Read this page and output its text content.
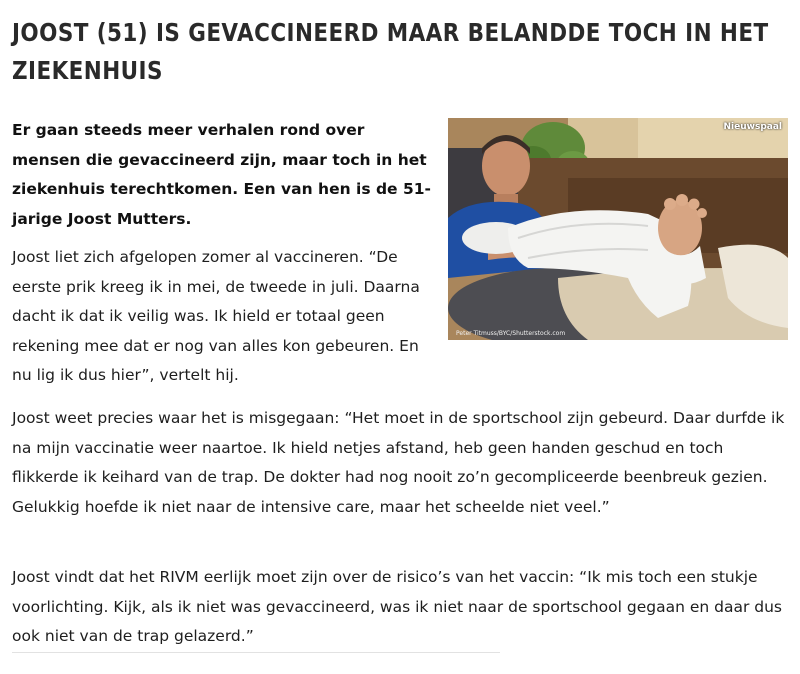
JOOST (51) IS GEVACCINEERD MAAR BELANDDE TOCH IN HET ZIEKENHUIS
Nieuwspaal
Peter Titmuss/BYC/Shutterstock.com

Er gaan steeds meer verhalen rond over mensen die gevaccineerd zijn, maar toch in het ziekenhuis terechtkomen. Een van hen is de 51-jarige Joost Mutters.

Joost liet zich afgelopen zomer al vaccineren. “De eerste prik kreeg ik in mei, de tweede in juli. Daarna dacht ik dat ik veilig was. Ik hield er totaal geen rekening mee dat er nog van alles kon gebeuren. En nu lig ik dus hier”, vertelt hij.

Joost weet precies waar het is misgegaan: “Het moet in de sportschool zijn gebeurd. Daar durfde ik na mijn vaccinatie weer naartoe. Ik hield netjes afstand, heb geen handen geschud en toch flikkerde ik keihard van de trap. De dokter had nog nooit zo’n gecompliceerde beenbreuk gezien. Gelukkig hoefde ik niet naar de intensive care, maar het scheelde niet veel.”

Joost vindt dat het RIVM eerlijk moet zijn over de risico’s van het vaccin: “Ik mis toch een stukje voorlichting. Kijk, als ik niet was gevaccineerd, was ik niet naar de sportschool gegaan en daar dus ook niet van de trap gelazerd.”
